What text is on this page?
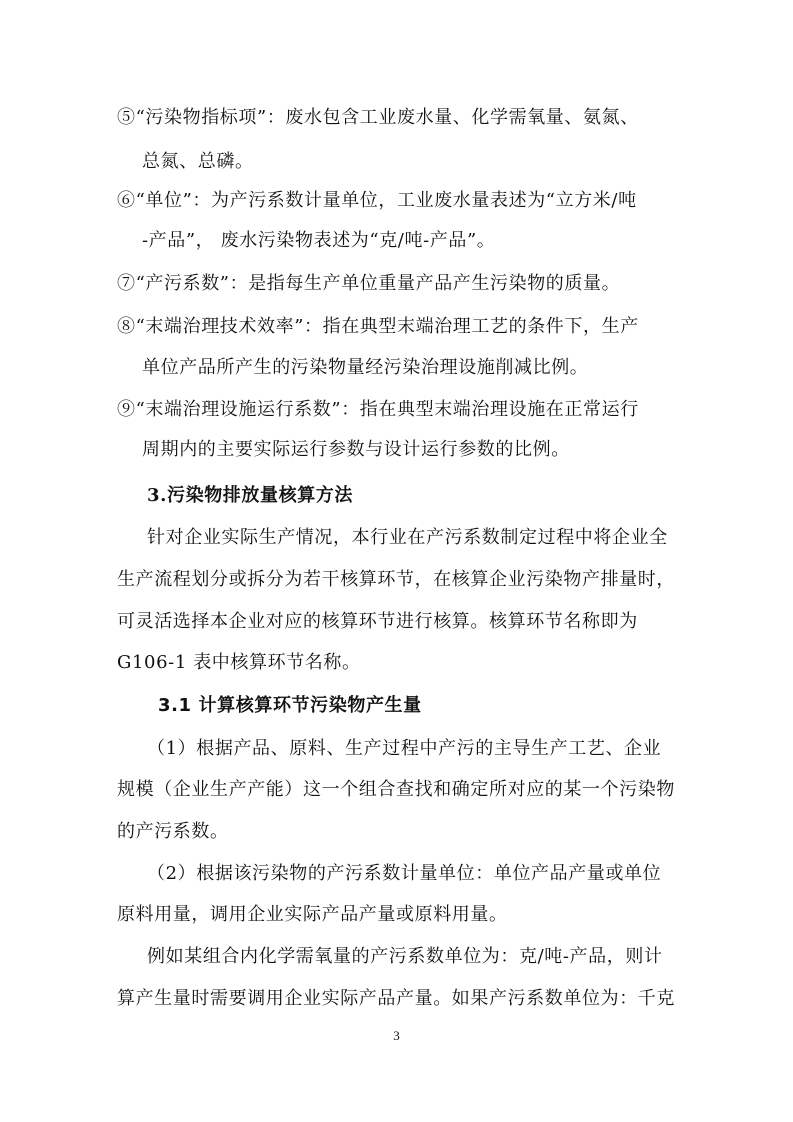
⑤“污染物指标项”：废水包含工业废水量、化学需氧量、氨氮、
总氮、总磷。
⑥“单位”：为产污系数计量单位，工业废水量表述为“立方米/吨
-产品”， 废水污染物表述为“克/吨-产品”。
⑦“产污系数”：是指每生产单位重量产品产生污染物的质量。
⑧“末端治理技术效率”：指在典型末端治理工艺的条件下，生产
单位产品所产生的污染物量经污染治理设施削减比例。
⑨“末端治理设施运行系数”：指在典型末端治理设施在正常运行
周期内的主要实际运行参数与设计运行参数的比例。
3.污染物排放量核算方法
针对企业实际生产情况，本行业在产污系数制定过程中将企业全
生产流程划分或拆分为若干核算环节，在核算企业污染物产排量时，
可灵活选择本企业对应的核算环节进行核算。核算环节名称即为
G106-1 表中核算环节名称。
3.1 计算核算环节污染物产生量
（1）根据产品、原料、生产过程中产污的主导生产工艺、企业
规模（企业生产产能）这一个组合查找和确定所对应的某一个污染物
的产污系数。
（2）根据该污染物的产污系数计量单位：单位产品产量或单位
原料用量，调用企业实际产品产量或原料用量。
例如某组合内化学需氧量的产污系数单位为：克/吨-产品，则计
算产生量时需要调用企业实际产品产量。如果产污系数单位为：千克
3
